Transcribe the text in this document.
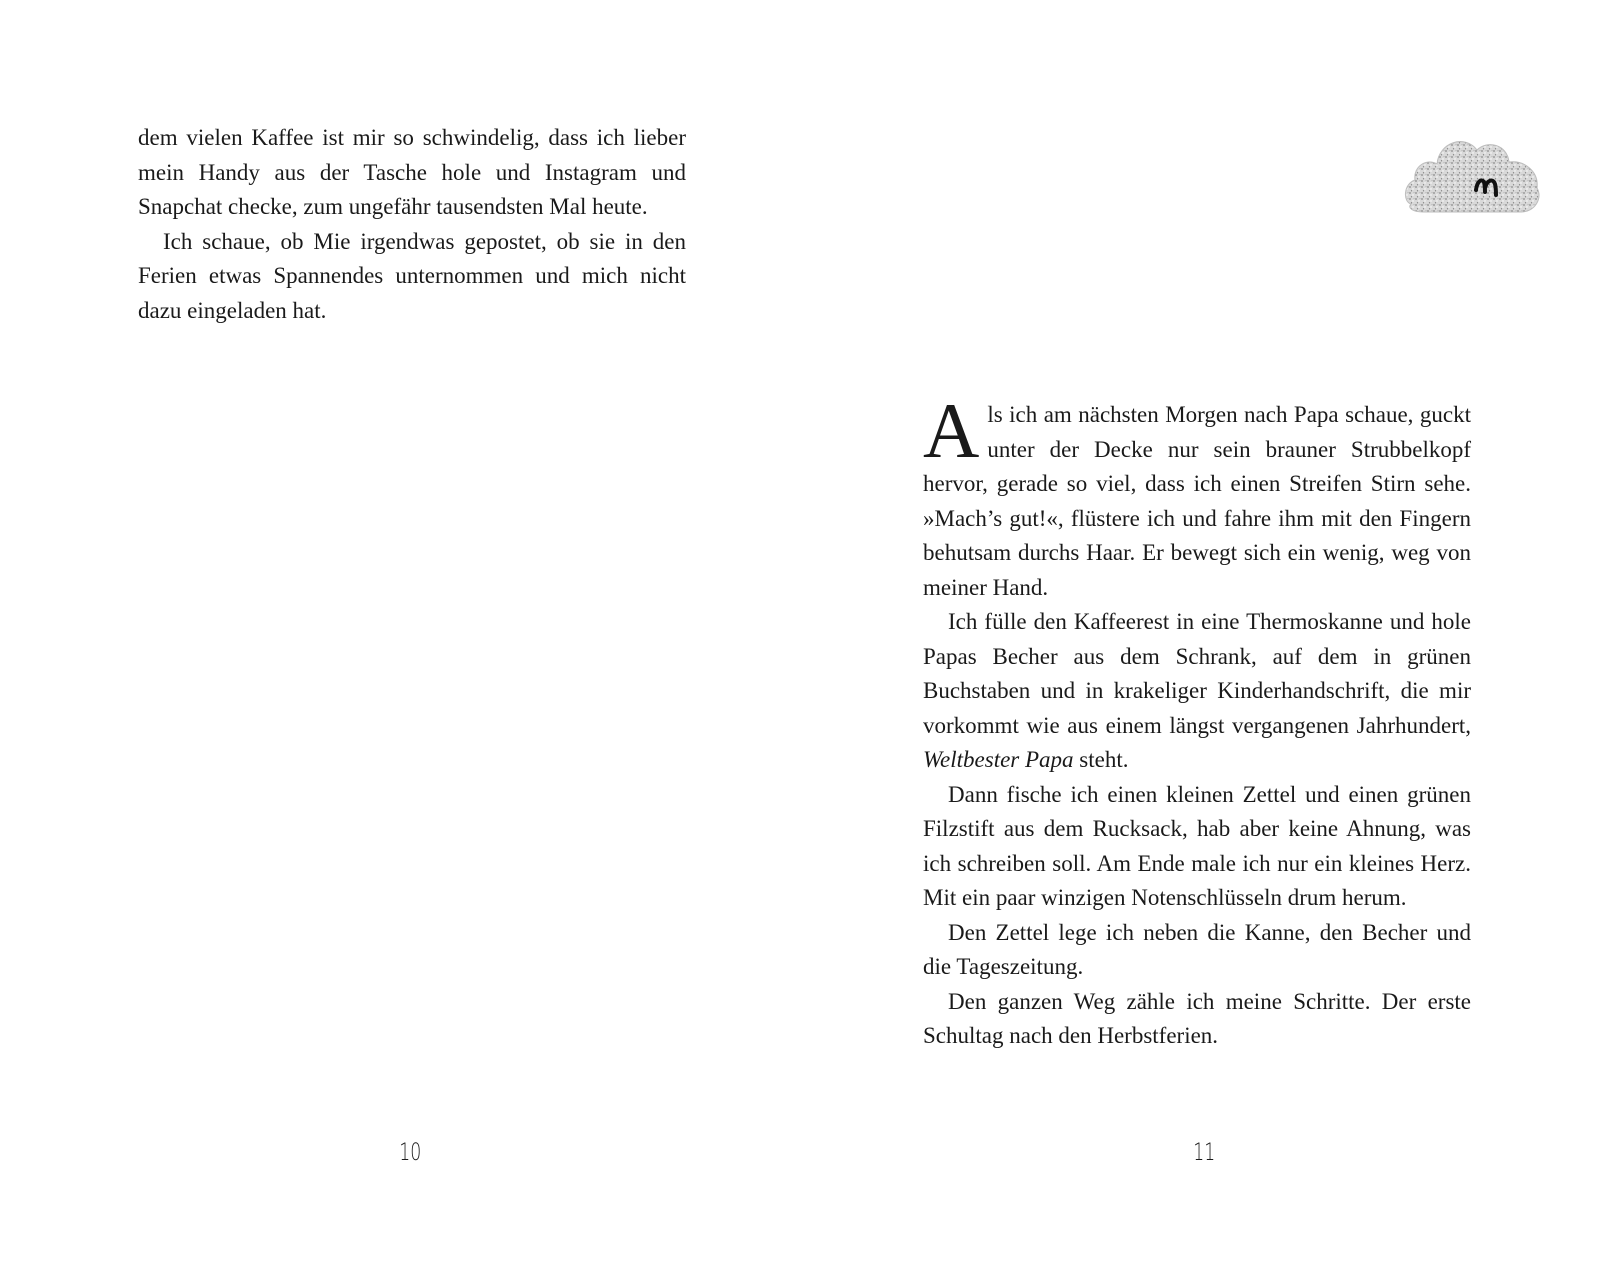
dem vielen Kaffee ist mir so schwindelig, dass ich lieber mein Handy aus der Tasche hole und Instagram und Snapchat checke, zum ungefähr tausendsten Mal heute.

Ich schaue, ob Mie irgendwas gepostet, ob sie in den Ferien etwas Spannendes unternommen und mich nicht dazu eingeladen hat.

10

Als ich am nächsten Morgen nach Papa schaue, guckt unter der Decke nur sein brauner Strubbelkopf hervor, gerade so viel, dass ich einen Streifen Stirn sehe. »Mach’s gut!«, flüstere ich und fahre ihm mit den Fingern behutsam durchs Haar. Er bewegt sich ein wenig, weg von meiner Hand.

Ich fülle den Kaffeerest in eine Thermoskanne und hole Papas Becher aus dem Schrank, auf dem in grünen Buchstaben und in krakeliger Kinderhandschrift, die mir vorkommt wie aus einem längst vergangenen Jahrhundert, Weltbester Papa steht.

Dann fische ich einen kleinen Zettel und einen grünen Filzstift aus dem Rucksack, hab aber keine Ahnung, was ich schreiben soll. Am Ende male ich nur ein kleines Herz. Mit ein paar winzigen Notenschlüsseln drum herum.

Den Zettel lege ich neben die Kanne, den Becher und die Tageszeitung.

Den ganzen Weg zähle ich meine Schritte. Der erste Schultag nach den Herbstferien.

11
